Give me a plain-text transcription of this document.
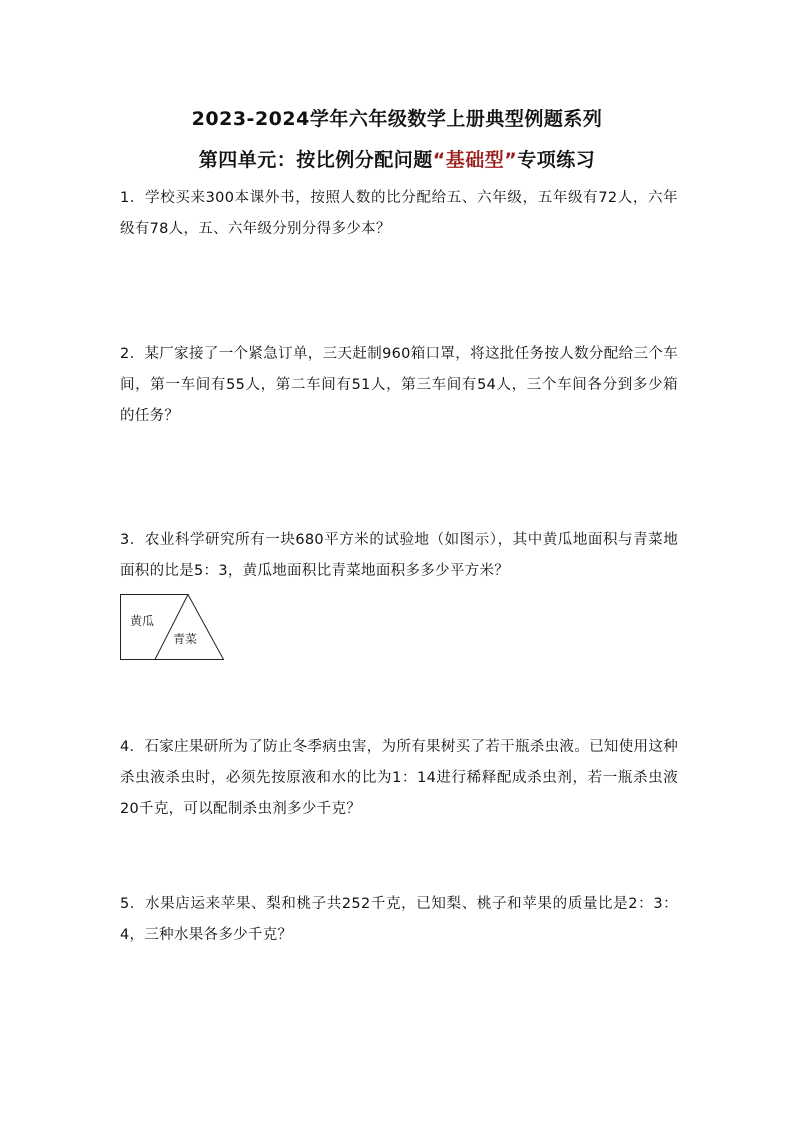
2023-2024学年六年级数学上册典型例题系列
第四单元：按比例分配问题“基础型”专项练习
1．学校买来300本课外书，按照人数的比分配给五、六年级，五年级有72人，六年级有78人，五、六年级分别分得多少本？
2．某厂家接了一个紧急订单，三天赶制960箱口罩，将这批任务按人数分配给三个车间，第一车间有55人，第二车间有51人，第三车间有54人，三个车间各分到多少箱的任务？
3．农业科学研究所有一块680平方米的试验地（如图示），其中黄瓜地面积与青菜地面积的比是5：3，黄瓜地面积比青菜地面积多多少平方米？
黄瓜
青菜
4．石家庄果研所为了防止冬季病虫害，为所有果树买了若干瓶杀虫液。已知使用这种杀虫液杀虫时，必须先按原液和水的比为1：14进行稀释配成杀虫剂，若一瓶杀虫液20千克，可以配制杀虫剂多少千克？
5．水果店运来苹果、梨和桃子共252千克，已知梨、桃子和苹果的质量比是2：3：4，三种水果各多少千克？
